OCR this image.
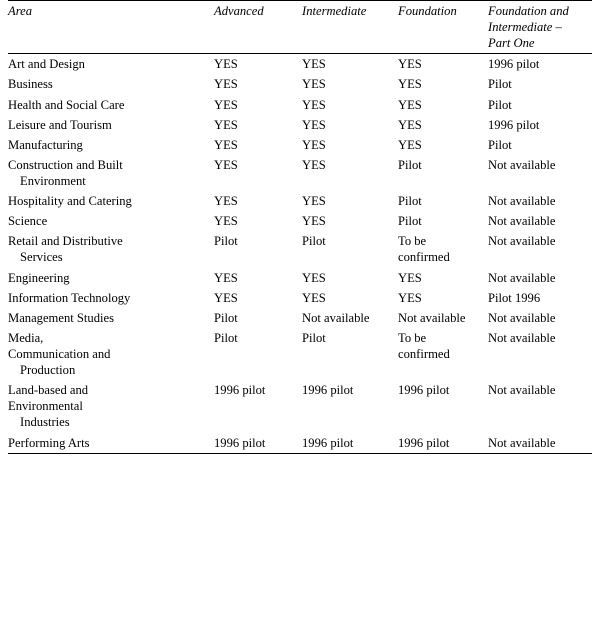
Area	Advanced	Intermediate	Foundation	Foundation and
Intermediate –
Part One

Art and Design	YES	YES	YES	1996 pilot

Business	YES	YES	YES	Pilot

Health and Social Care	YES	YES	YES	Pilot

Leisure and Tourism	YES	YES	YES	1996 pilot

Manufacturing	YES	YES	YES	Pilot

Construction and Built
Environment	YES	YES	Pilot	Not available

Hospitality and Catering	YES	YES	Pilot	Not available

Science	YES	YES	Pilot	Not available

Retail and Distributive
Services	Pilot	Pilot	To be
confirmed	Not available

Engineering	YES	YES	YES	Not available

Information Technology	YES	YES	YES	Pilot 1996

Management Studies	Pilot	Not available	Not available	Not available

Media,
Communication and
Production	Pilot	Pilot	To be
confirmed	Not available

Land-based and
Environmental
Industries	1996 pilot	1996 pilot	1996 pilot	Not available

Performing Arts	1996 pilot	1996 pilot	1996 pilot	Not available
